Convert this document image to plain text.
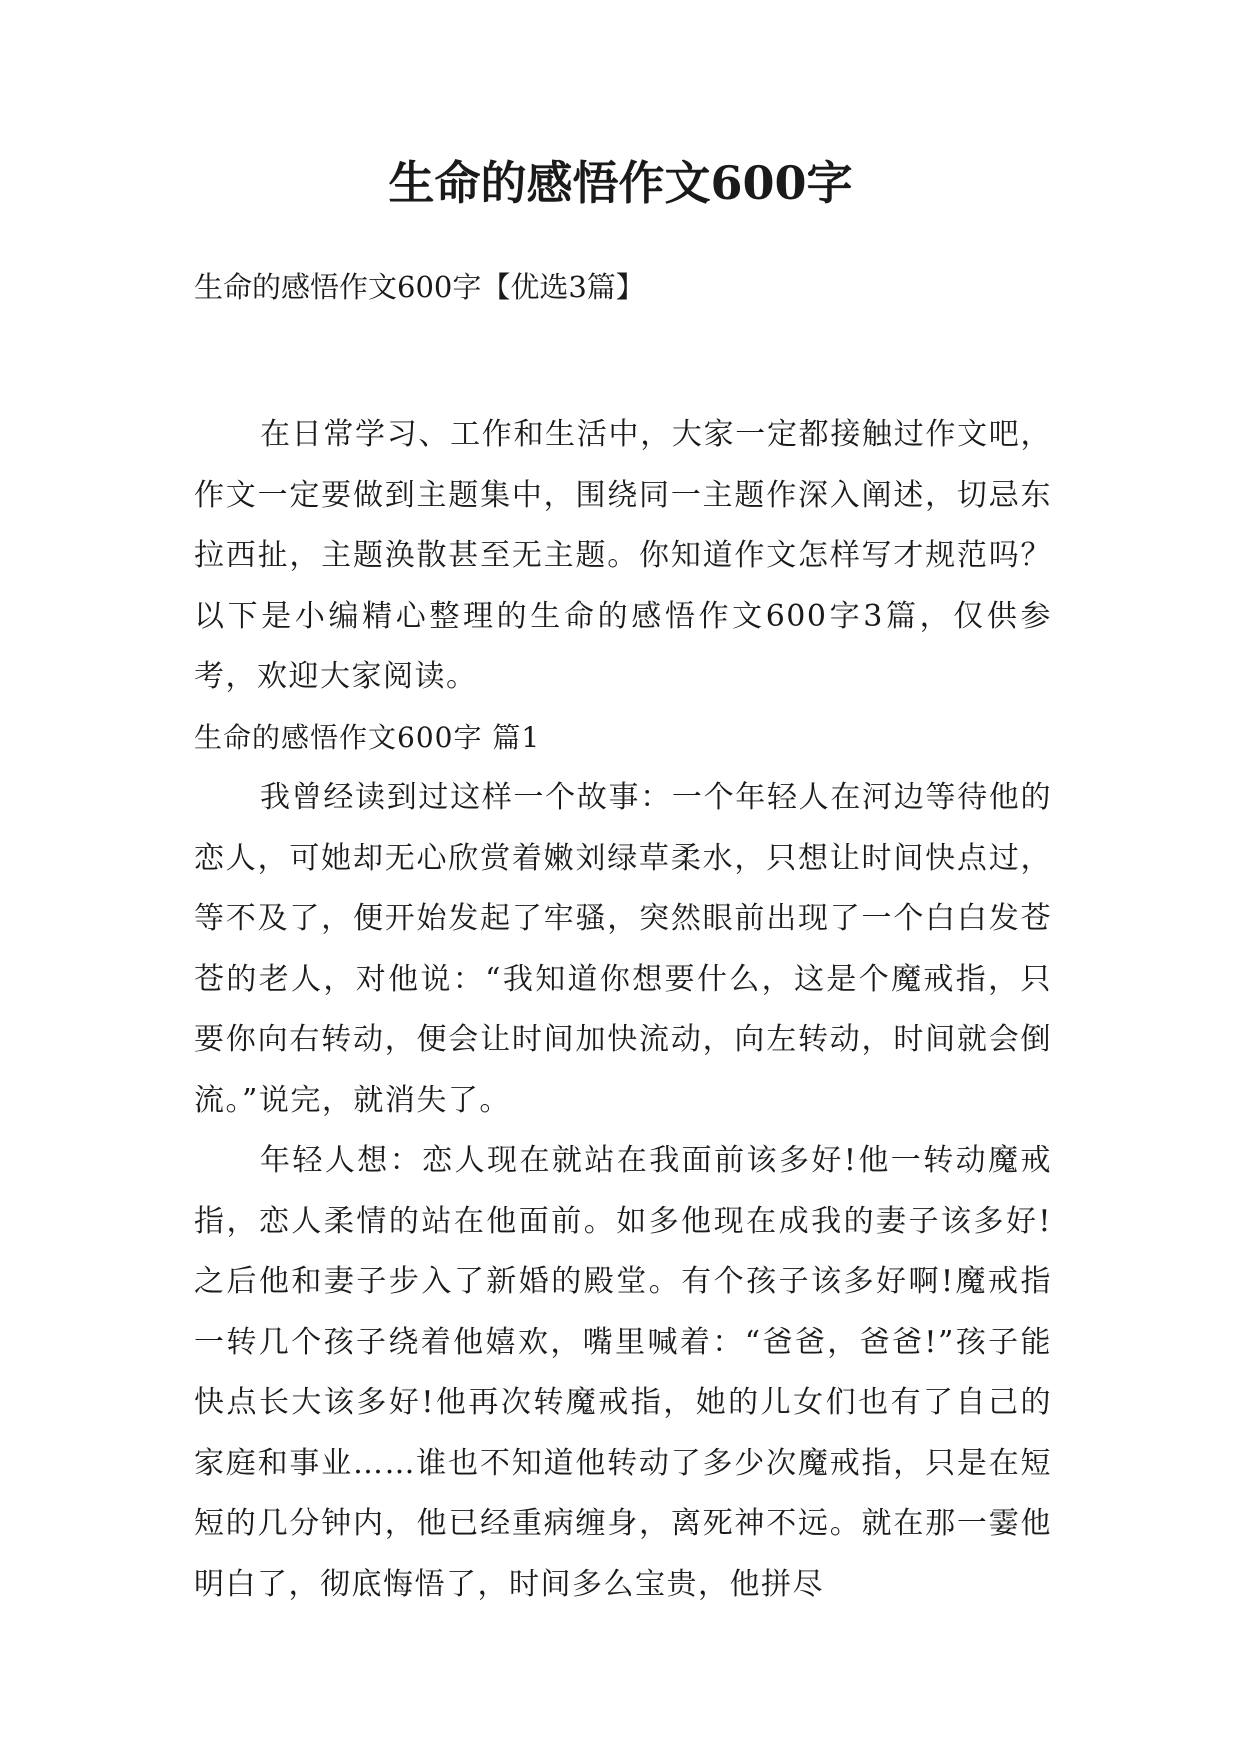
生命的感悟作文600字

生命的感悟作文600字【优选3篇】

在日常学习、工作和生活中，大家一定都接触过作文吧，作文一定要做到主题集中，围绕同一主题作深入阐述，切忌东拉西扯，主题涣散甚至无主题。你知道作文怎样写才规范吗？以下是小编精心整理的生命的感悟作文600字3篇，仅供参考，欢迎大家阅读。

生命的感悟作文600字 篇1

我曾经读到过这样一个故事：一个年轻人在河边等待他的恋人，可她却无心欣赏着嫩刘绿草柔水，只想让时间快点过，等不及了，便开始发起了牢骚，突然眼前出现了一个白白发苍苍的老人，对他说：“我知道你想要什么，这是个魔戒指，只要你向右转动，便会让时间加快流动，向左转动，时间就会倒流。”说完，就消失了。

年轻人想：恋人现在就站在我面前该多好!他一转动魔戒指，恋人柔情的站在他面前。如多他现在成我的妻子该多好!之后他和妻子步入了新婚的殿堂。有个孩子该多好啊!魔戒指一转几个孩子绕着他嬉欢，嘴里喊着：“爸爸，爸爸!”孩子能快点长大该多好!他再次转魔戒指，她的儿女们也有了自己的家庭和事业……谁也不知道他转动了多少次魔戒指，只是在短短的几分钟内，他已经重病缠身，离死神不远。就在那一霎他明白了，彻底悔悟了，时间多么宝贵，他拼尽
